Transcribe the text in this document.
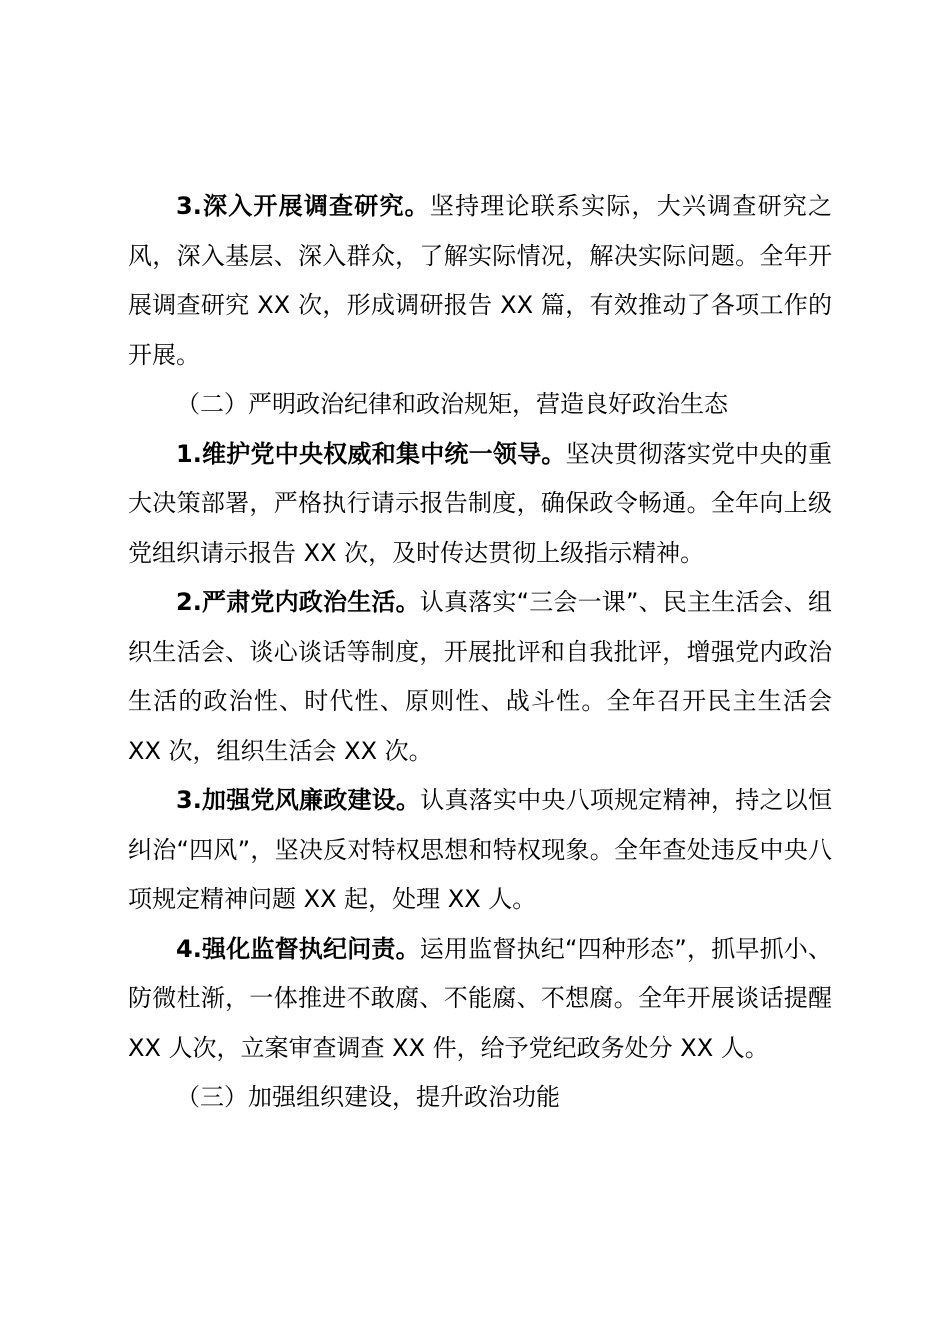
3.深入开展调查研究。坚持理论联系实际，大兴调查研究之风，深入基层、深入群众，了解实际情况，解决实际问题。全年开展调查研究 XX 次，形成调研报告 XX 篇，有效推动了各项工作的开展。

（二）严明政治纪律和政治规矩，营造良好政治生态

1.维护党中央权威和集中统一领导。坚决贯彻落实党中央的重大决策部署，严格执行请示报告制度，确保政令畅通。全年向上级党组织请示报告 XX 次，及时传达贯彻上级指示精神。

2.严肃党内政治生活。认真落实“三会一课”、民主生活会、组织生活会、谈心谈话等制度，开展批评和自我批评，增强党内政治生活的政治性、时代性、原则性、战斗性。全年召开民主生活会 XX 次，组织生活会 XX 次。

3.加强党风廉政建设。认真落实中央八项规定精神，持之以恒纠治“四风”，坚决反对特权思想和特权现象。全年查处违反中央八项规定精神问题 XX 起，处理 XX 人。

4.强化监督执纪问责。运用监督执纪“四种形态”，抓早抓小、防微杜渐，一体推进不敢腐、不能腐、不想腐。全年开展谈话提醒 XX 人次，立案审查调查 XX 件，给予党纪政务处分 XX 人。

（三）加强组织建设，提升政治功能
